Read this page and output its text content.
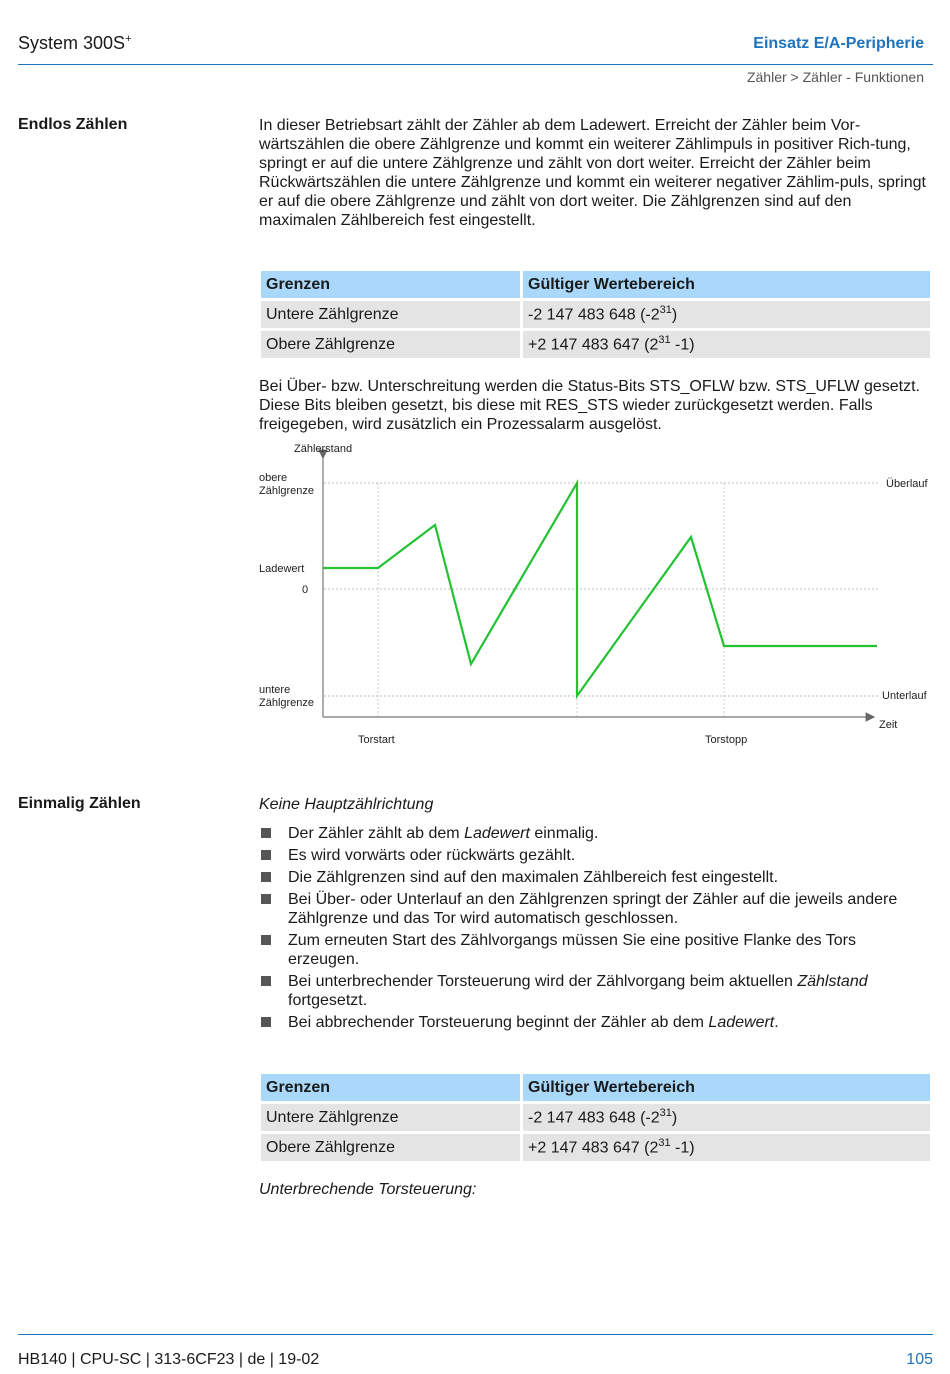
System 300S+	Einsatz E/A-Peripherie
Zähler > Zähler - Funktionen
Endlos Zählen	In dieser Betriebsart zählt der Zähler ab dem Ladewert. Erreicht der Zähler beim Vor-wärtszählen die obere Zählgrenze und kommt ein weiterer Zählimpuls in positiver Rich-tung, springt er auf die untere Zählgrenze und zählt von dort weiter. Erreicht der Zähler beim Rückwärtszählen die untere Zählgrenze und kommt ein weiterer negativer Zählim-puls, springt er auf die obere Zählgrenze und zählt von dort weiter. Die Zählgrenzen sind auf den maximalen Zählbereich fest eingestellt.
Grenzen	Gültiger Wertebereich
Untere Zählgrenze	-2 147 483 648 $(-2^{31})$
Obere Zählgrenze	+2 147 483 647 ($2^{31}$ -1)
Bei Über- bzw. Unterschreitung werden die Status-Bits STS_OFLW bzw. STS_UFLW gesetzt. Diese Bits bleiben gesetzt, bis diese mit RES_STS wieder zurückgesetzt werden. Falls freigegeben, wird zusätzlich ein Prozessalarm ausgelöst.
Zählerstand
obere
Zählgrenze
Ladewert
0
untere
Zählgrenze
Überlauf
Unterlauf
Zeit
Torstart	Torstopp
Einmalig Zählen	Keine Hauptzählrichtung
Der Zähler zählt ab dem Ladewert einmalig.
Es wird vorwärts oder rückwärts gezählt.
Die Zählgrenzen sind auf den maximalen Zählbereich fest eingestellt.
Bei Über- oder Unterlauf an den Zählgrenzen springt der Zähler auf die jeweils andere Zählgrenze und das Tor wird automatisch geschlossen.
Zum erneuten Start des Zählvorgangs müssen Sie eine positive Flanke des Tors erzeugen.
Bei unterbrechender Torsteuerung wird der Zählvorgang beim aktuellen Zählstand fortgesetzt.
Bei abbrechender Torsteuerung beginnt der Zähler ab dem Ladewert.
Grenzen	Gültiger Wertebereich
Untere Zählgrenze	-2 147 483 648 $(-2^{31})$
Obere Zählgrenze	+2 147 483 647 ($2^{31}$ -1)
Unterbrechende Torsteuerung:
HB140 | CPU-SC | 313-6CF23 | de | 19-02	105
